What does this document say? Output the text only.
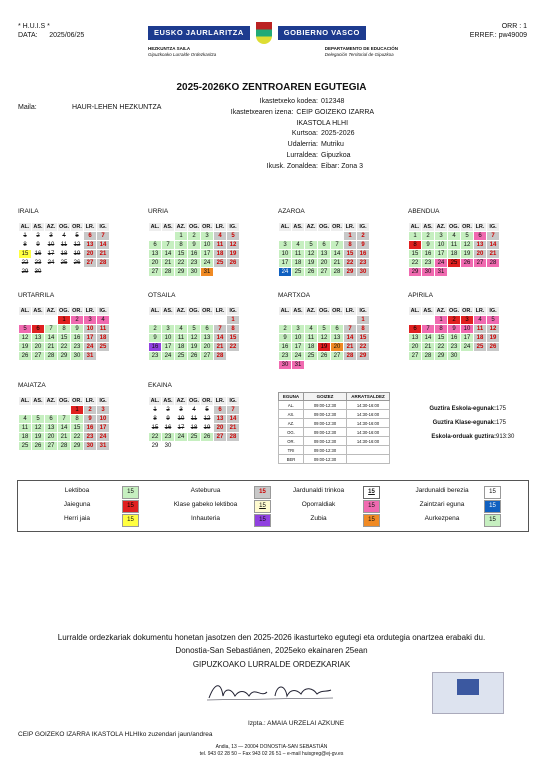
* H.U.I.S *
DATA: 2025/06/25
ORR : 1
ERREF.: pw49009
EUSKO JAURLARITZA	GOBIERNO VASCO
HEZKUNTZA SAILA
Gipuzkoako Lurralde Ordezkaritza
DEPARTAMENTO DE EDUCACIÓN
Delegación Territorial de Gipuzkoa
2025-2026KO ZENTROAREN EGUTEGIA
Maila:	HAUR-LEHEN HEZKUNTZA
Ikastetxeko kodea: 012348
Ikastetxearen izena: CEIP GOIZEKO IZARRA IKASTOLA HLHI
Kurtsoa: 2025-2026
Udalerria: Mutriku
Lurraldea: Gipuzkoa
Ikusk. Zonaldea: Eibar: Zona 3
IRAILA
AL.	AS.	AZ.	OG.	OR.	LR.	IG.
1	2	3	4	5	6	7
8	9	10	11	12	13	14
15	16	17	18	19	20	21
22	23	24	25	26	27	28
29	30					
URRIA
AL.	AS.	AZ.	OG.	OR.	LR.	IG.
		1	2	3	4	5
6	7	8	9	10	11	12
13	14	15	16	17	18	19
20	21	22	23	24	25	26
27	28	29	30	31		
AZAROA
AL.	AS.	AZ.	OG.	OR.	LR.	IG.
					1	2
3	4	5	6	7	8	9
10	11	12	13	14	15	16
17	18	19	20	21	22	23
24	25	26	27	28	29	30
ABENDUA
AL.	AS.	AZ.	OG.	OR.	LR.	IG.
1	2	3	4	5	6	7
8	9	10	11	12	13	14
15	16	17	18	19	20	21
22	23	24	25	26	27	28
29	30	31				
URTARRILA
AL.	AS.	AZ.	OG.	OR.	LR.	IG.
			1	2	3	4
5	6	7	8	9	10	11
12	13	14	15	16	17	18
19	20	21	22	23	24	25
26	27	28	29	30	31	
OTSAILA
AL.	AS.	AZ.	OG.	OR.	LR.	IG.
						1
2	3	4	5	6	7	8
9	10	11	12	13	14	15
16	17	18	19	20	21	22
23	24	25	26	27	28	
MARTXOA
AL.	AS.	AZ.	OG.	OR.	LR.	IG.
						1
2	3	4	5	6	7	8
9	10	11	12	13	14	15
16	17	18	19	20	21	22
23	24	25	26	27	28	29
30	31					
APIRILA
AL.	AS.	AZ.	OG.	OR.	LR.	IG.
		1	2	3	4	5
6	7	8	9	10	11	12
13	14	15	16	17	18	19
20	21	22	23	24	25	26
27	28	29	30			
MAIATZA
AL.	AS.	AZ.	OG.	OR.	LR.	IG.
				1	2	3
4	5	6	7	8	9	10
11	12	13	14	15	16	17
18	19	20	21	22	23	24
25	26	27	28	29	30	31
EKAINA
AL.	AS.	AZ.	OG.	OR.	LR.	IG.
1	2	3	4	5	6	7
8	9	10	11	12	13	14
15	16	17	18	19	20	21
22	23	24	25	26	27	28
29	30					
EGUNA	GOIZEZ	ARRATSALDEZ
AL.	09:00-12:30	14:30-16:00
AS.	09:00-12:30	14:30-16:00
AZ.	09:00-12:30	14:30-16:00
OG.	09:00-12:30	14:30-16:00
OR.	09:00-12:30	14:30-16:00
TRI	09:00-12:30	
BER	09:00-12:30	
Guztira Eskola-egunak:175
Guztira Klase-egunak:175
Eskola-orduak guztira:913:30
Lektiboa	15	Asteburua	15	Jardunaldi trinkoa	15	Jardunaldi berezia	15
Jaieguna	15	Klase gabeko lektiboa	15	Oporraldiak	15	Zaintzari eguna	15
Herri jaia	15	Inhauteria	15	Zubia	15	Aurkezpena	15
Lurralde ordezkariak dokumentu honetan jasotzen den 2025-2026 ikasturteko egutegi eta ordutegia onartzea erabaki du.
Donostia-San Sebastiánen, 2025eko ekainaren 25ean
GIPUZKOAKO LURRALDE ORDEZKARIAK
Izpta.: AMAIA URZELAI AZKUNE
CEIP GOIZEKO IZARRA IKASTOLA HLHIko zuzendari jaun/andrea
Andia, 13 — 20004 DONOSTIA-SAN SEBASTIÁN
tel. 943 02 28 50 – Fax 943 02 26 51 – e-mail huisgreg@ej-gv.es
